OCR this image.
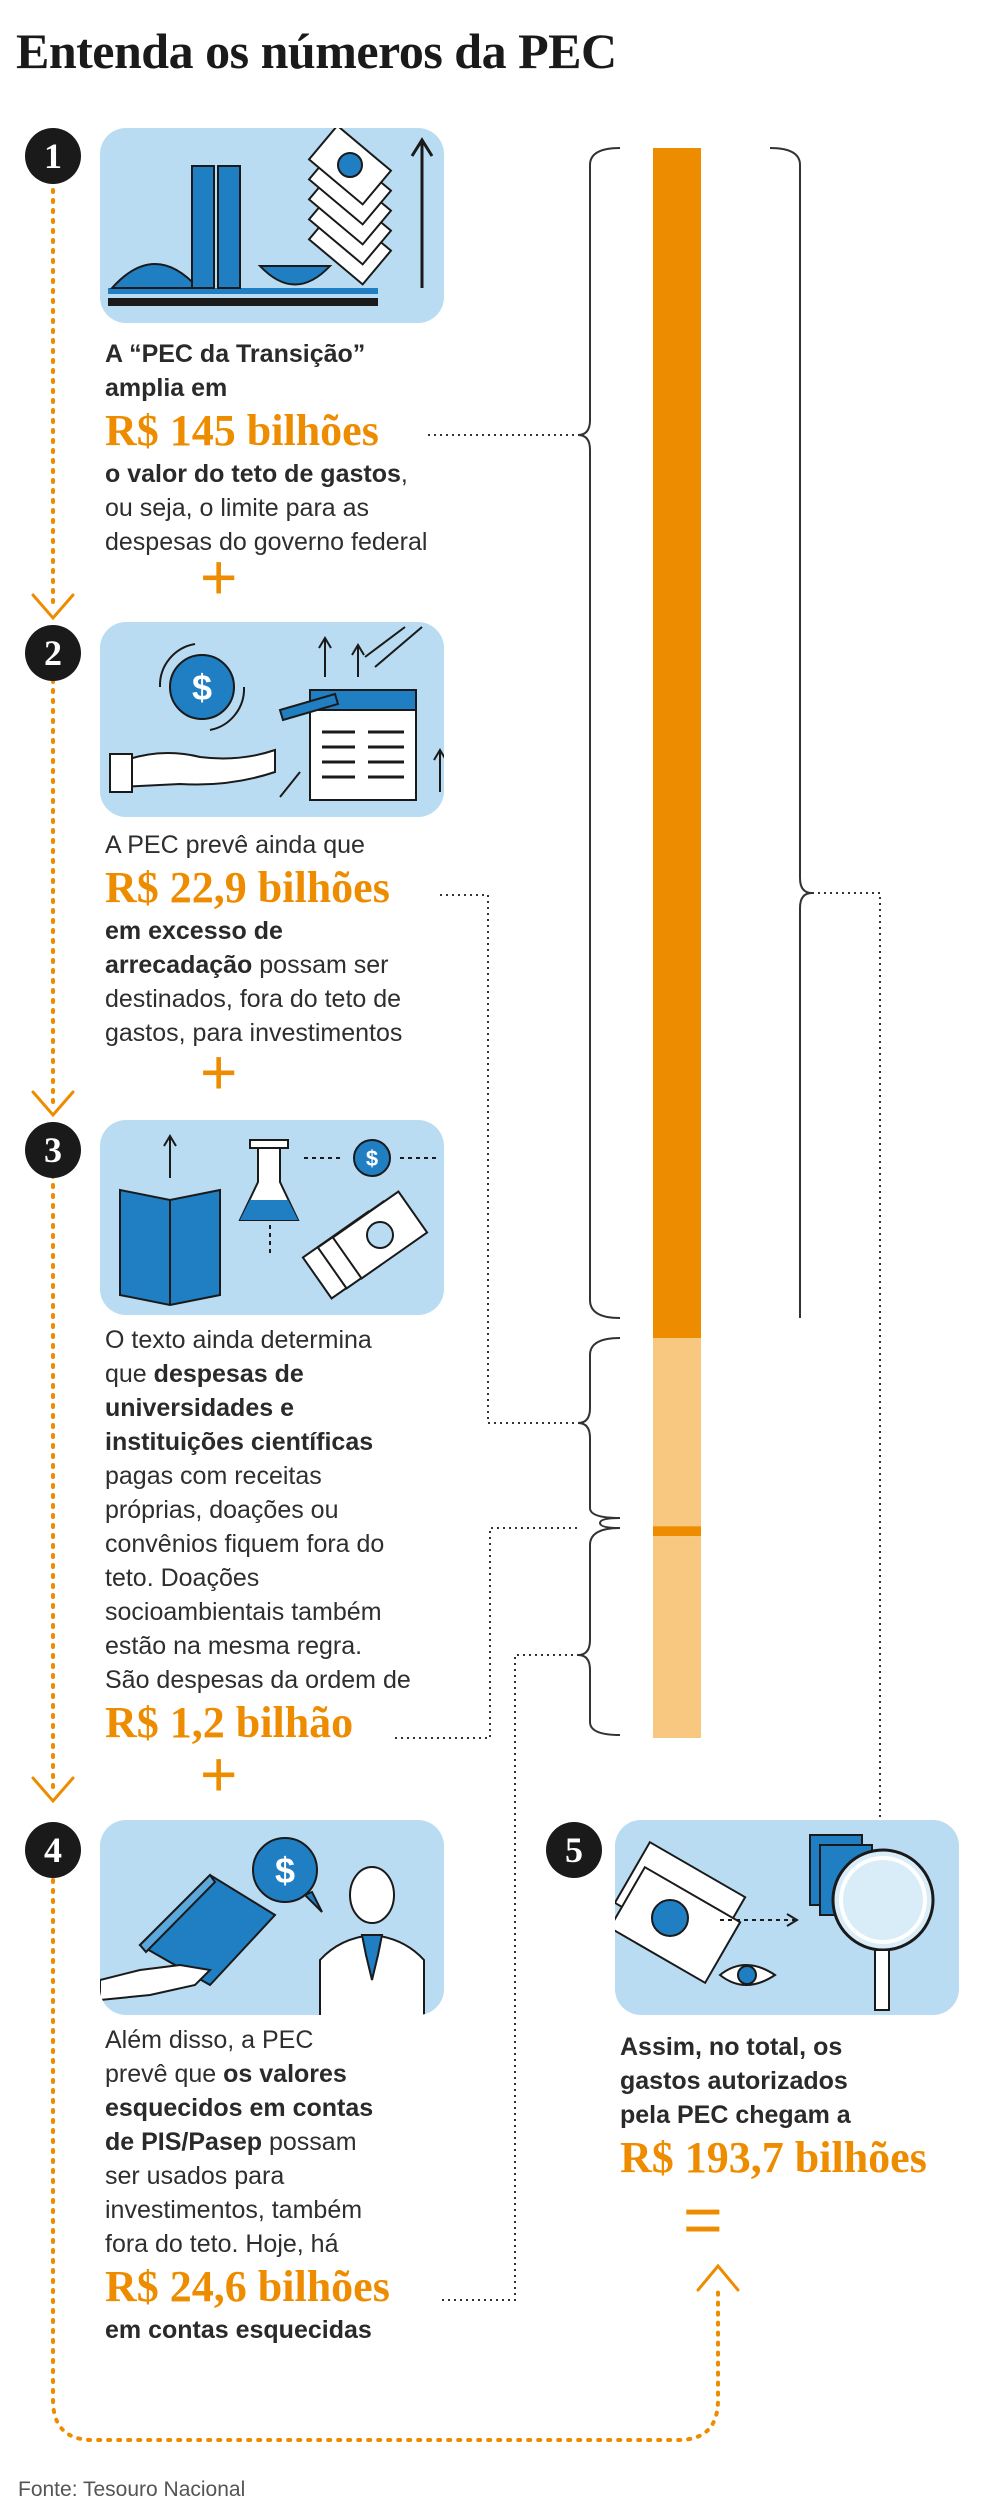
Entenda os números da PEC
1
A “PEC da Transição”
amplia em
R$ 145 bilhões
o valor do teto de gastos,
ou seja, o limite para as
despesas do governo federal
+
2
$
A PEC prevê ainda que
R$ 22,9 bilhões
em excesso de
arrecadação possam ser
destinados, fora do teto de
gastos, para investimentos
+
3	$
O texto ainda determina
que despesas de
universidades e
instituições científicas
pagas com receitas
próprias, doações ou
convênios fiquem fora do
teto. Doações
socioambientais também
estão na mesma regra.
São despesas da ordem de
R$ 1,2 bilhão
+
4	$
Além disso, a PEC
prevê que os valores
esquecidos em contas
de PIS/Pasep possam
ser usados para
investimentos, também
fora do teto. Hoje, há
R$ 24,6 bilhões
em contas esquecidas
5
Assim, no total, os
gastos autorizados
pela PEC chegam a
R$ 193,7 bilhões
=
Fonte: Tesouro Nacional
